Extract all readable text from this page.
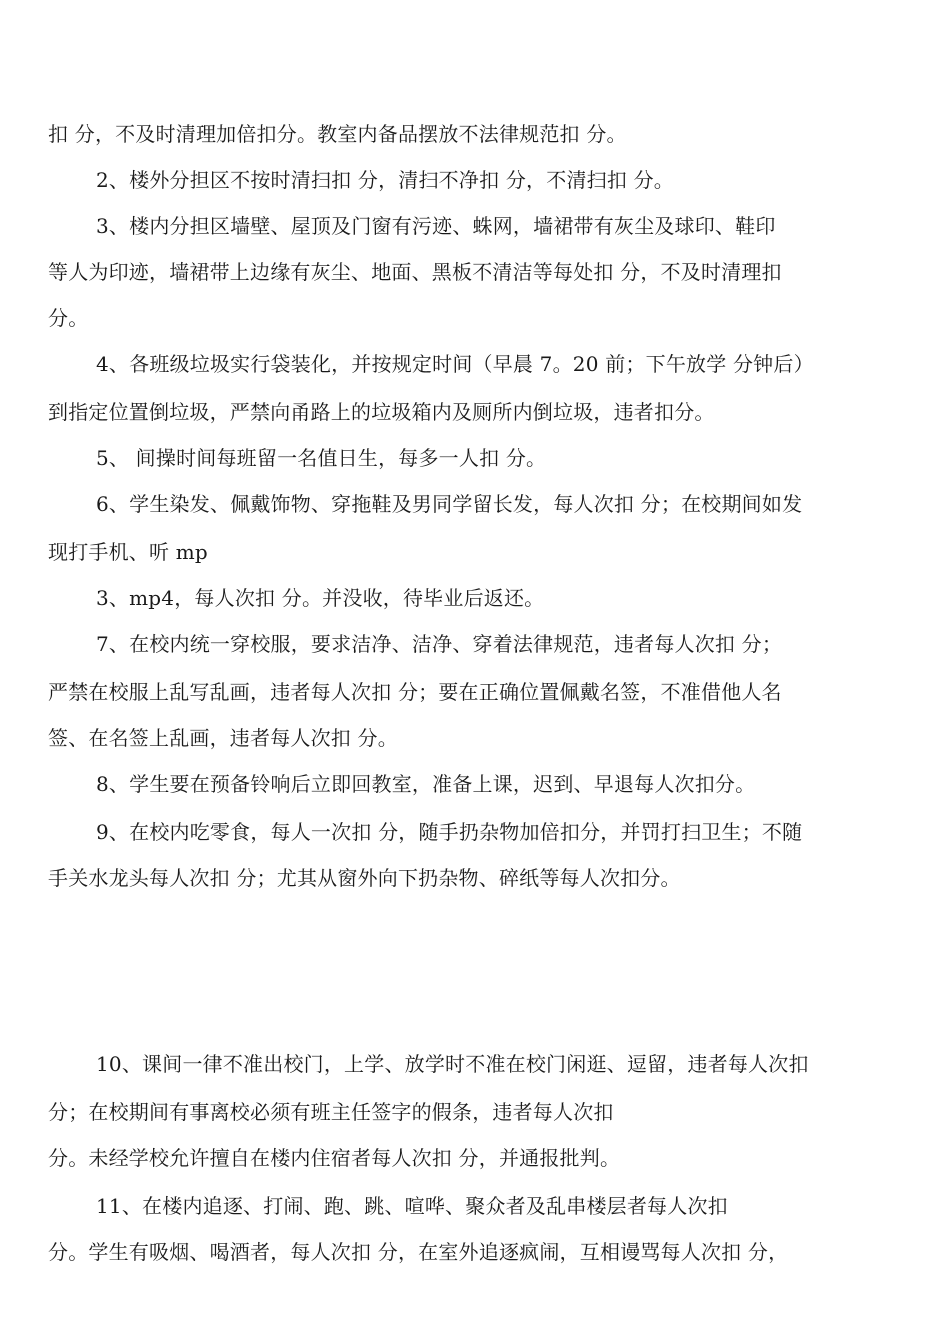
扣 分，不及时清理加倍扣分。教室内备品摆放不法律规范扣 分。
2、楼外分担区不按时清扫扣 分，清扫不净扣 分，不清扫扣 分。
3、楼内分担区墙壁、屋顶及门窗有污迹、蛛网，墙裙带有灰尘及球印、鞋印
等人为印迹，墙裙带上边缘有灰尘、地面、黑板不清洁等每处扣 分，不及时清理扣
分。
4、各班级垃圾实行袋装化，并按规定时间（早晨 7。20 前；下午放学 分钟后）
到指定位置倒垃圾，严禁向甬路上的垃圾箱内及厕所内倒垃圾，违者扣分。
5、 间操时间每班留一名值日生，每多一人扣 分。
6、学生染发、佩戴饰物、穿拖鞋及男同学留长发，每人次扣 分；在校期间如发
现打手机、听 mp
3、mp4，每人次扣 分。并没收，待毕业后返还。
7、在校内统一穿校服，要求洁净、洁净、穿着法律规范，违者每人次扣 分；
严禁在校服上乱写乱画，违者每人次扣 分；要在正确位置佩戴名签，不准借他人名
签、在名签上乱画，违者每人次扣 分。
8、学生要在预备铃响后立即回教室，准备上课，迟到、早退每人次扣分。
9、在校内吃零食，每人一次扣 分，随手扔杂物加倍扣分，并罚打扫卫生；不随
手关水龙头每人次扣 分；尤其从窗外向下扔杂物、碎纸等每人次扣分。
10、课间一律不准出校门，上学、放学时不准在校门闲逛、逗留，违者每人次扣
分；在校期间有事离校必须有班主任签字的假条，违者每人次扣
分。未经学校允许擅自在楼内住宿者每人次扣 分，并通报批判。
11、在楼内追逐、打闹、跑、跳、喧哗、聚众者及乱串楼层者每人次扣
分。学生有吸烟、喝酒者，每人次扣 分，在室外追逐疯闹，互相谩骂每人次扣 分，
